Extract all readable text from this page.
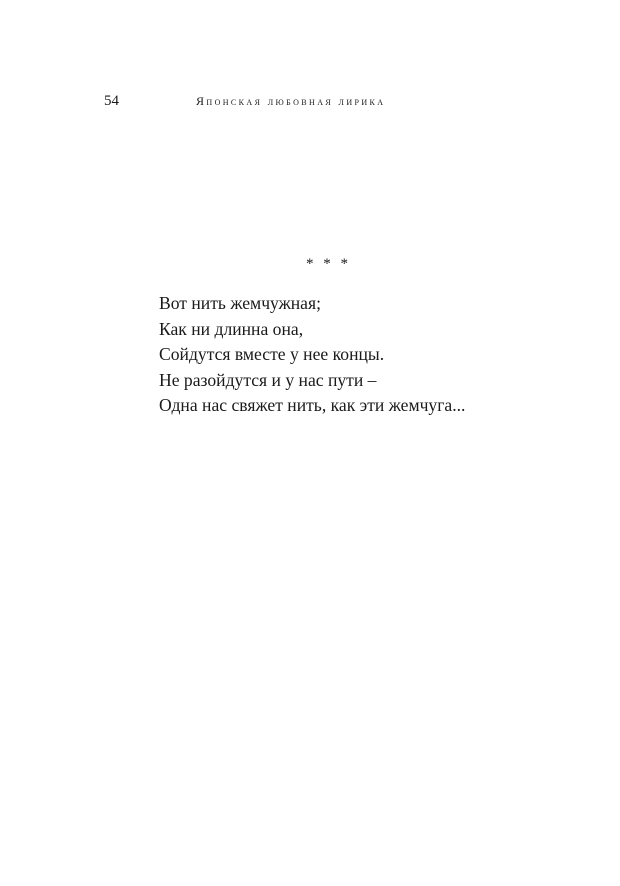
54	Японская любовная лирика
* * *
Вот нить жемчужная;
Как ни длинна она,
Сойдутся вместе у нее концы.
Не разойдутся и у нас пути –
Одна нас свяжет нить, как эти жемчуга...
